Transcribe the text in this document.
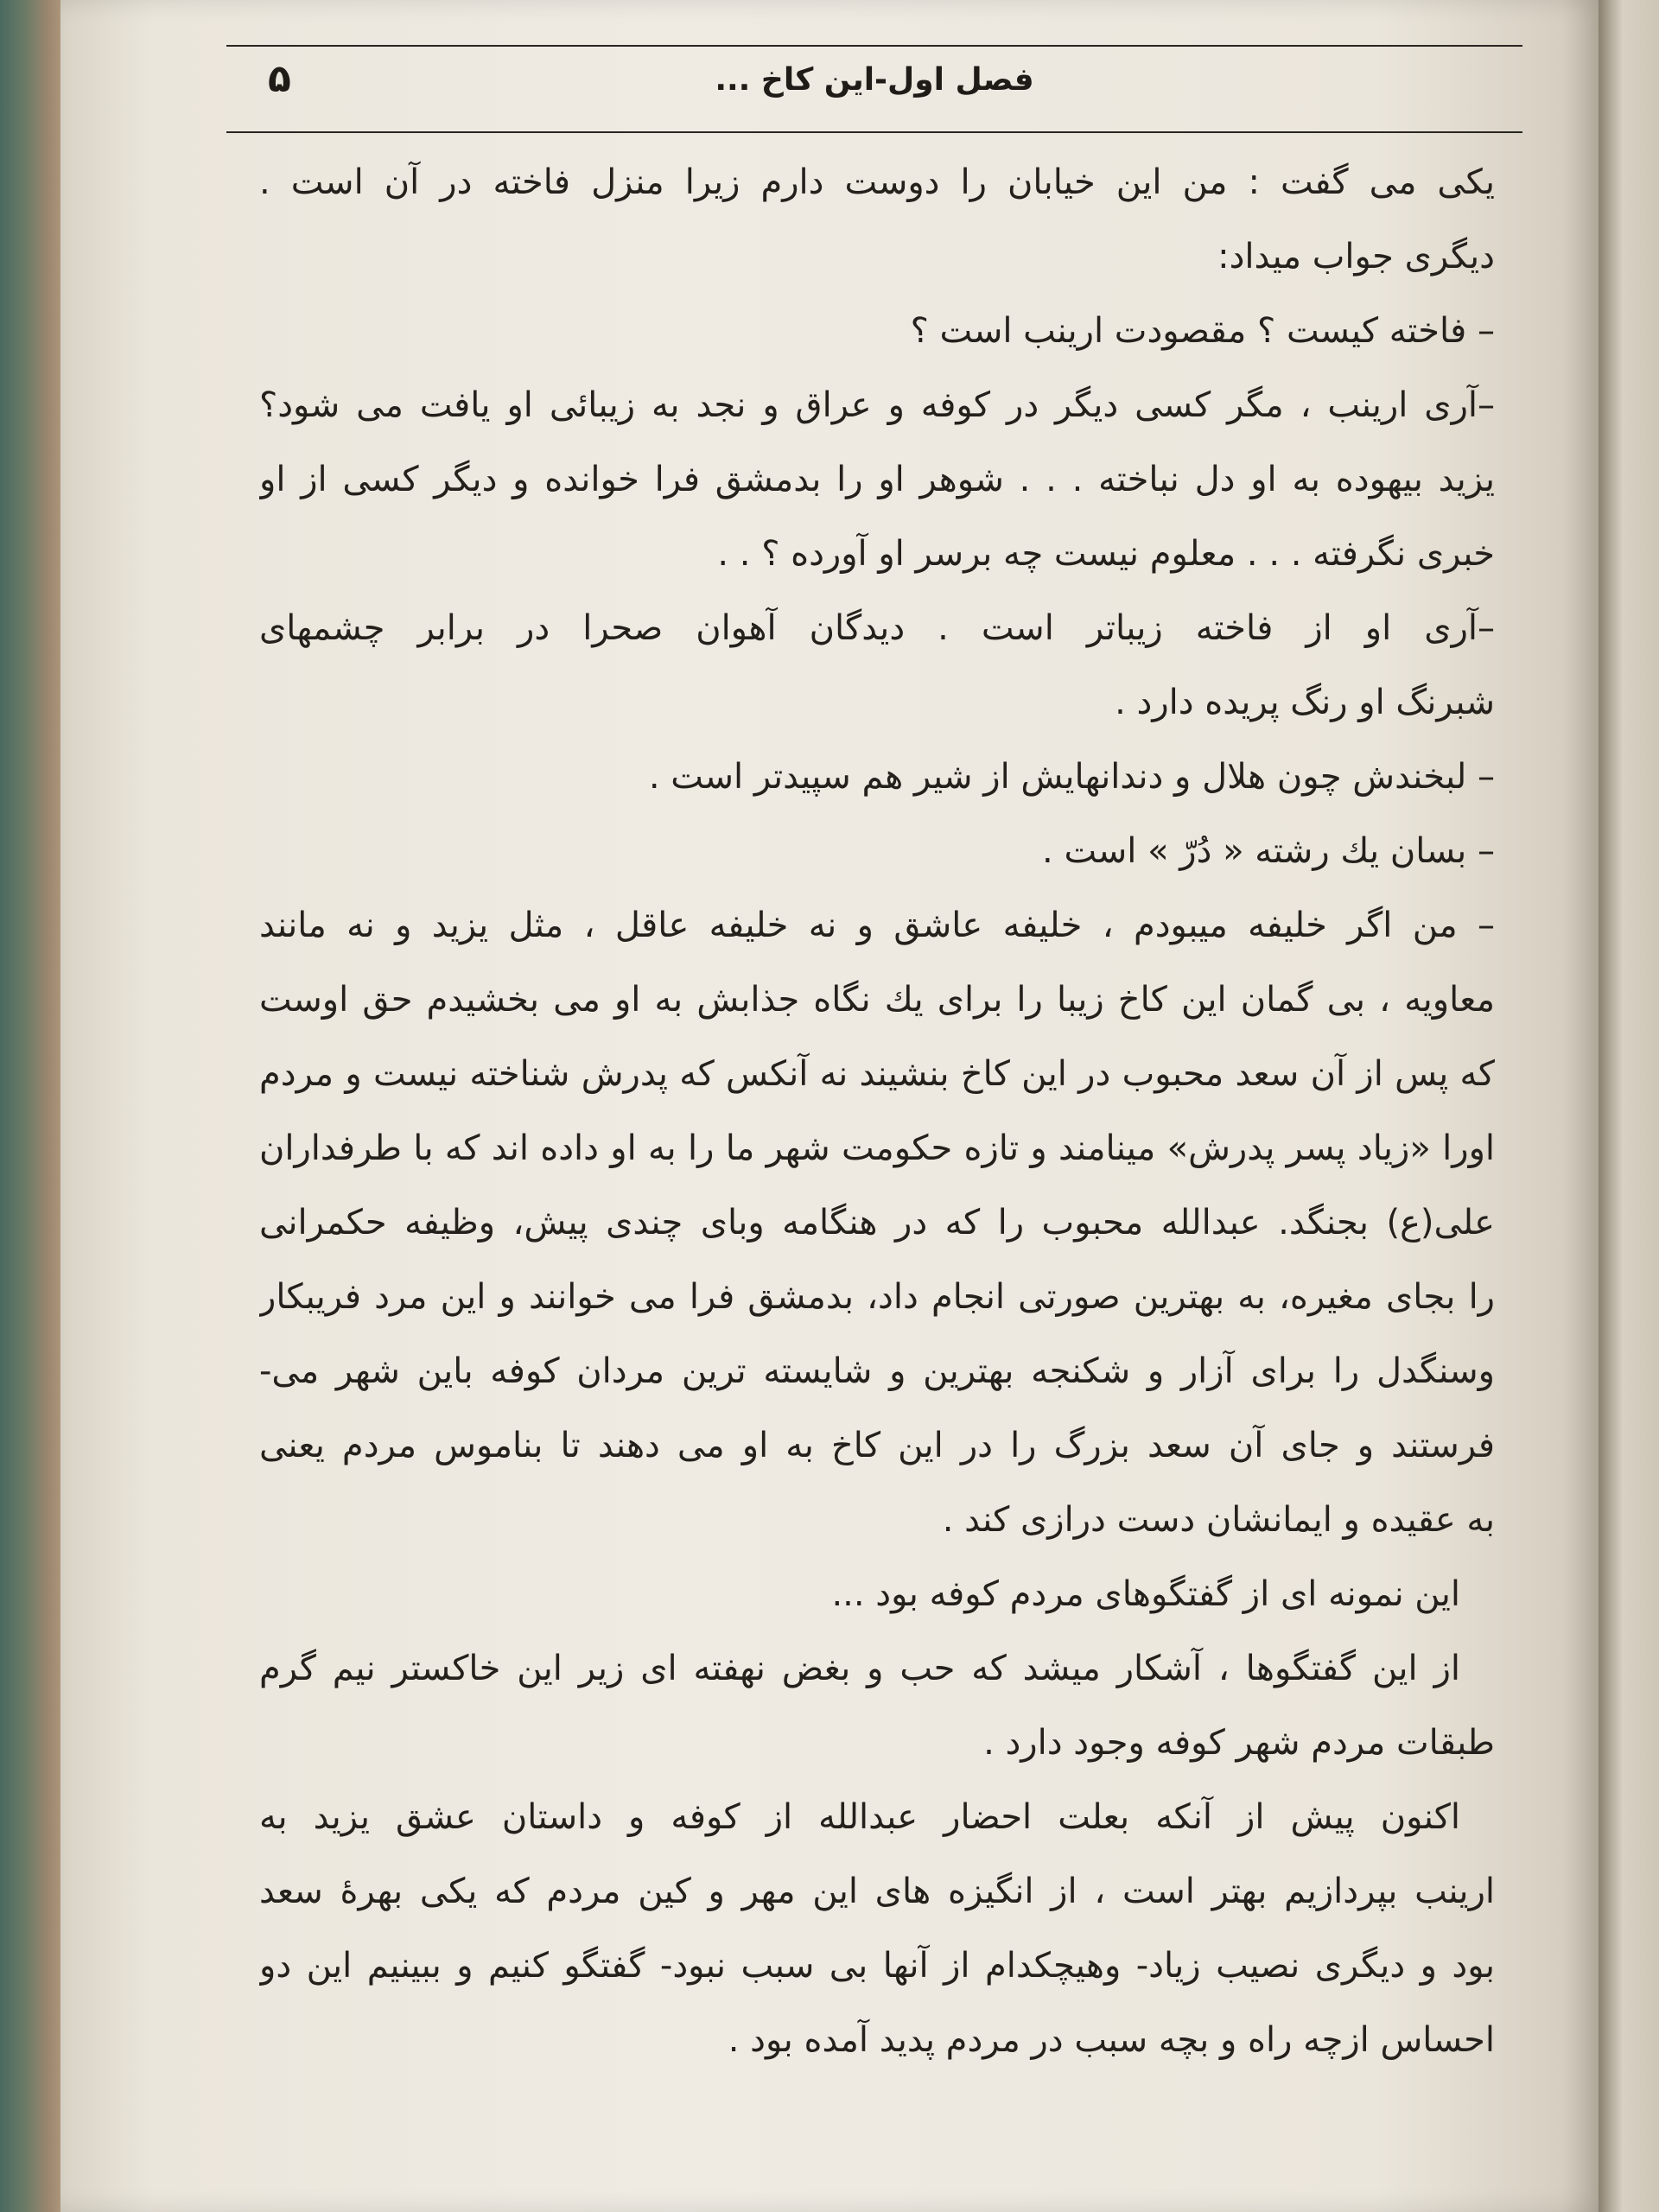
فصل اول-این کاخ ...
۵
یکی می گفت : من این خیابان را دوست دارم زیرا منزل فاخته در آن است .
دیگری جواب میداد:
– فاخته کیست ؟ مقصودت ارینب است ؟
–آری ارینب ، مگر کسی دیگر در کوفه و عراق و نجد به زیبائی او یافت می شود؟
یزید بیهوده به او دل نباخته . . . شوهر او را بدمشق فرا خوانده و دیگر کسی از او
خبری نگرفته . . . معلوم نیست چه برسر او آورده ؟ . .
–آری او از فاخته زیباتر است . دیدگان آهوان صحرا در برابر چشمهای
شبرنگ او رنگ پریده دارد .
– لبخندش چون هلال و دندانهایش از شیر هم سپیدتر است .
– بسان یك رشته « دُرّ » است .
– من اگر خلیفه میبودم ، خلیفه عاشق و نه خلیفه عاقل ، مثل یزید و نه مانند
معاویه ، بی گمان این کاخ زیبا را برای یك نگاه جذابش به او می بخشیدم حق اوست
که پس از آن سعد محبوب در این کاخ بنشیند نه آنکس که پدرش شناخته نیست و مردم
اورا «زیاد پسر پدرش» مینامند و تازه حکومت شهر ما را به او داده اند که با طرفداران
علی(ع) بجنگد. عبدالله محبوب را که در هنگامه وبای چندی پیش، وظیفه حکمرانی
را بجای مغیره، به بهترین صورتی انجام داد، بدمشق فرا می خوانند و این مرد فریبکار
وسنگدل را برای آزار و شکنجه بهترین و شایسته ترین مردان کوفه باین شهر می-
فرستند و جای آن سعد بزرگ را در این کاخ به او می دهند تا بناموس مردم یعنی
به عقیده و ایمانشان دست درازی کند .
این نمونه ای از گفتگوهای مردم کوفه بود ...
از این گفتگوها ، آشکار میشد که حب و بغض نهفته ای زیر این خاکستر نیم گرم
طبقات مردم شهر کوفه وجود دارد .
اکنون پیش از آنکه بعلت احضار عبدالله از کوفه و داستان عشق یزید به
ارینب بپردازیم بهتر است ، از انگیزه های این مهر و کین مردم که یکی بهرهٔ سعد
بود و دیگری نصیب زیاد- وهیچکدام از آنها بی سبب نبود- گفتگو کنیم و ببینیم این دو
احساس ازچه راه و بچه سبب در مردم پدید آمده بود .
